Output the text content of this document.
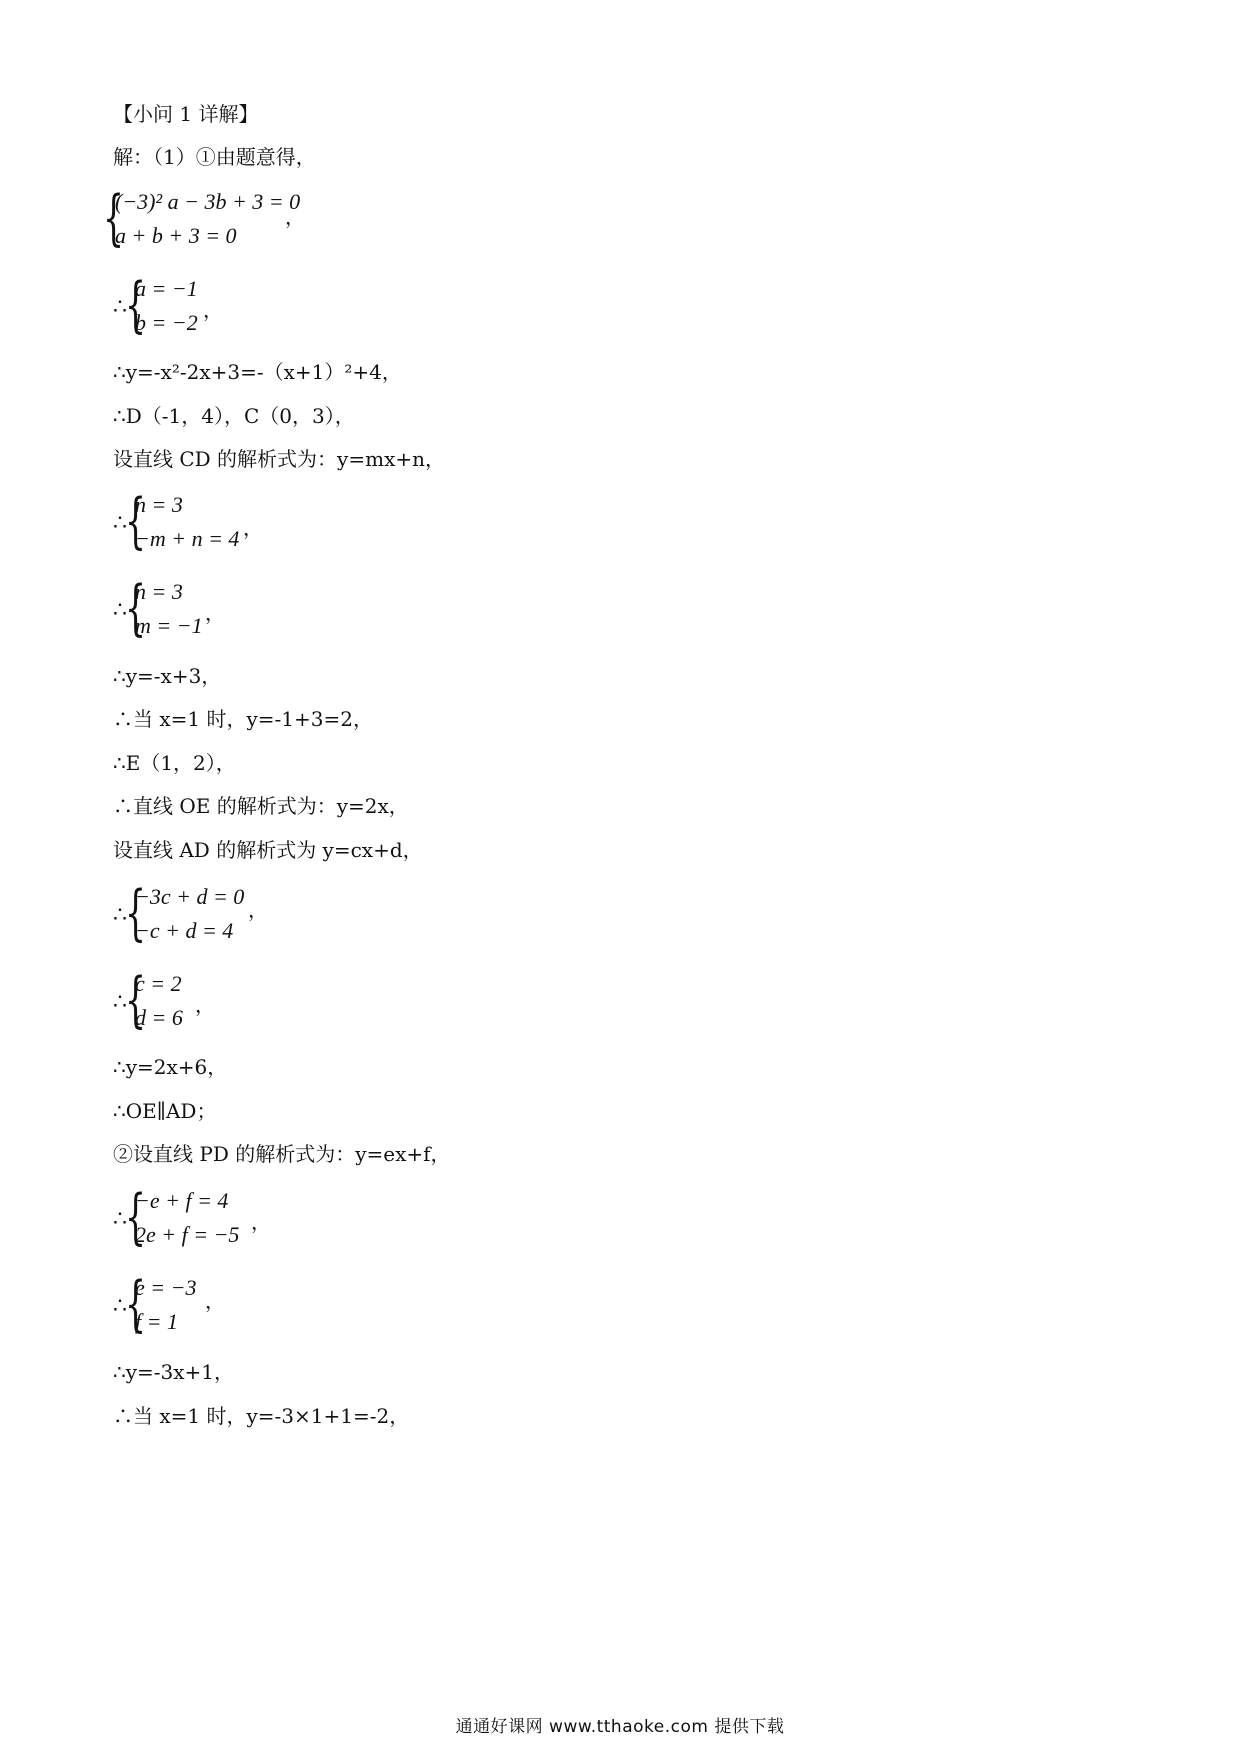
【小问 1 详解】
解：（1）①由题意得，
{
(−3)² a − 3b + 3 = 0
a + b + 3 = 0
，
∴
{
a = −1
b = −2 ，
∴y=-x²-2x+3=-（x+1）²+4，
∴D（-1，4），C（0，3），
设直线 CD 的解析式为：y=mx+n，
∴
{
n = 3
−m + n = 4 ，
∴
{
n = 3
m = −1 ，
∴y=-x+3，
∴当 x=1 时，y=-1+3=2，
∴E（1，2），
∴直线 OE 的解析式为：y=2x，
设直线 AD 的解析式为 y=cx+d，
∴
{
−3c + d = 0
−c + d = 4
，
∴
{
c = 2
d = 6 ，
∴y=2x+6，
∴OE∥AD；
②设直线 PD 的解析式为：y=ex+f，
∴
{
−e + f = 4
2e + f = −5 ，
∴
{
e = −3
f = 1
，
∴y=-3x+1，
∴当 x=1 时，y=-3×1+1=-2，
通通好课网 www.tthaoke.com 提供下载
